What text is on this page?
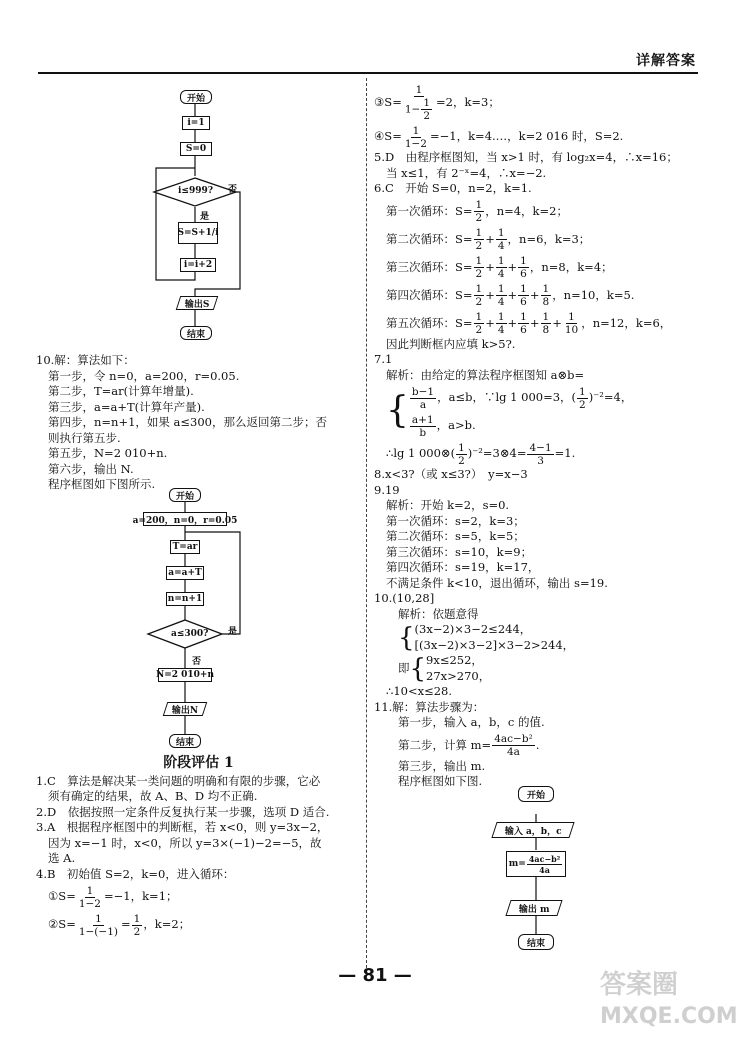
详解答案
开始
i=1
S=0
i≤999? 否
是
S=S+1/i
i=i+2
输出S
结束

10.解：算法如下：

第一步，令 n=0，a=200，r=0.05.

第二步，T=ar(计算年增量).

第三步，a=a+T(计算年产量).

第四步，n=n+1，如果 a≤300，那么返回第二步；否

则执行第五步.

第五步，N=2 010+n.

第六步，输出 N.

程序框图如下图所示.

开始
a=200，n=0，r=0.05
T=ar
a=a+T
n=n+1
a≤300? 是
否
N=2 010+n
输出N
结束
阶段评估 1

1.C　算法是解决某一类问题的明确和有限的步骤，它必

须有确定的结果，故 A、B、D 均不正确.

2.D　依据按照一定条件反复执行某一步骤，选项 D 适合.

3.A　根据程序框图中的判断框，若 x<0，则 y=3x−2，

因为 x=−1 时，x<0，所以 y=3×(−1)−2=−5，故

选 A.

4.B　初始值 S=2，k=0，进入循环：

①S= $\frac{1}{1-2} =-1$，k=1；

②S= $\frac{1}{1-(-1)} = \frac{1}{2}$ ，k=2；

③S= $\frac{1}{1- \frac{1}{2}} =2$，k=3；

④S= $\frac{1}{1-2} =-1$，k=4.…，k=2 016 时，S=2.

5.D　由程序框图知，当 x>1 时，有 log₂x=4，∴x=16；

当 x≤1，有 2⁻ˣ=4，∴x=−2.

6.C　开始 S=0，n=2，k=1.

第一次循环：$S= \frac{1}{2}$ ，n=4，k=2；

第二次循环：$S= \frac{1}{2} + \frac{1}{4}$ ，n=6，k=3；

第三次循环：$S= \frac{1}{2} + \frac{1}{4} + \frac{1}{6}$ ，n=8，k=4；

第四次循环：$S= \frac{1}{2} + \frac{1}{4} + \frac{1}{6} + \frac{1}{8}$ ，n=10，k=5.

第五次循环：$S= \frac{1}{2} + \frac{1}{4} + \frac{1}{6} + \frac{1}{8} + \frac{1}{10}$ ，n=12，k=6，

因此判断框内应填 k>5?.

7.1

解析：由给定的算法程序框图知 a⊗b=

{ $\frac{b-1}{a}$ ，a≤b，∵lg 1 000=3，( $\frac{1}{2} )^{-2}=4$，

$\frac{a+1}{b}$ ，a>b.

∴lg 1 000⊗( $\frac{1}{2}$ )⁻²=3⊗4= $\frac{4-1}{3} =1$.

8.x<3?（或 x≤3?）　y=x−3

9.19

解析：开始 k=2，s=0.

第一次循环：s=2，k=3；

第二次循环：s=5，k=5；

第三次循环：s=10，k=9；

第四次循环：s=19，k=17，

不满足条件 k<10，退出循环，输出 s=19.

10.(10,28]

解析：依题意得

{ (3x−2)×3−2≤244，

[(3x−2)×3−2]×3−2>244，

即 { 9x≤252，

27x>270，

∴10<x≤28.

11.解：算法步骤为：

第一步，输入 a，b，c 的值.

第二步，计算 $m= \frac{\text{4ac−b²}}{4a}$ .

第三步，输出 m.

程序框图如下图.

开始
输入 a，b，c
$m= \frac{\text{4ac−b²}}{4a}$
输出 m
结束
— 81 —	答案圈
MXQE.COM
